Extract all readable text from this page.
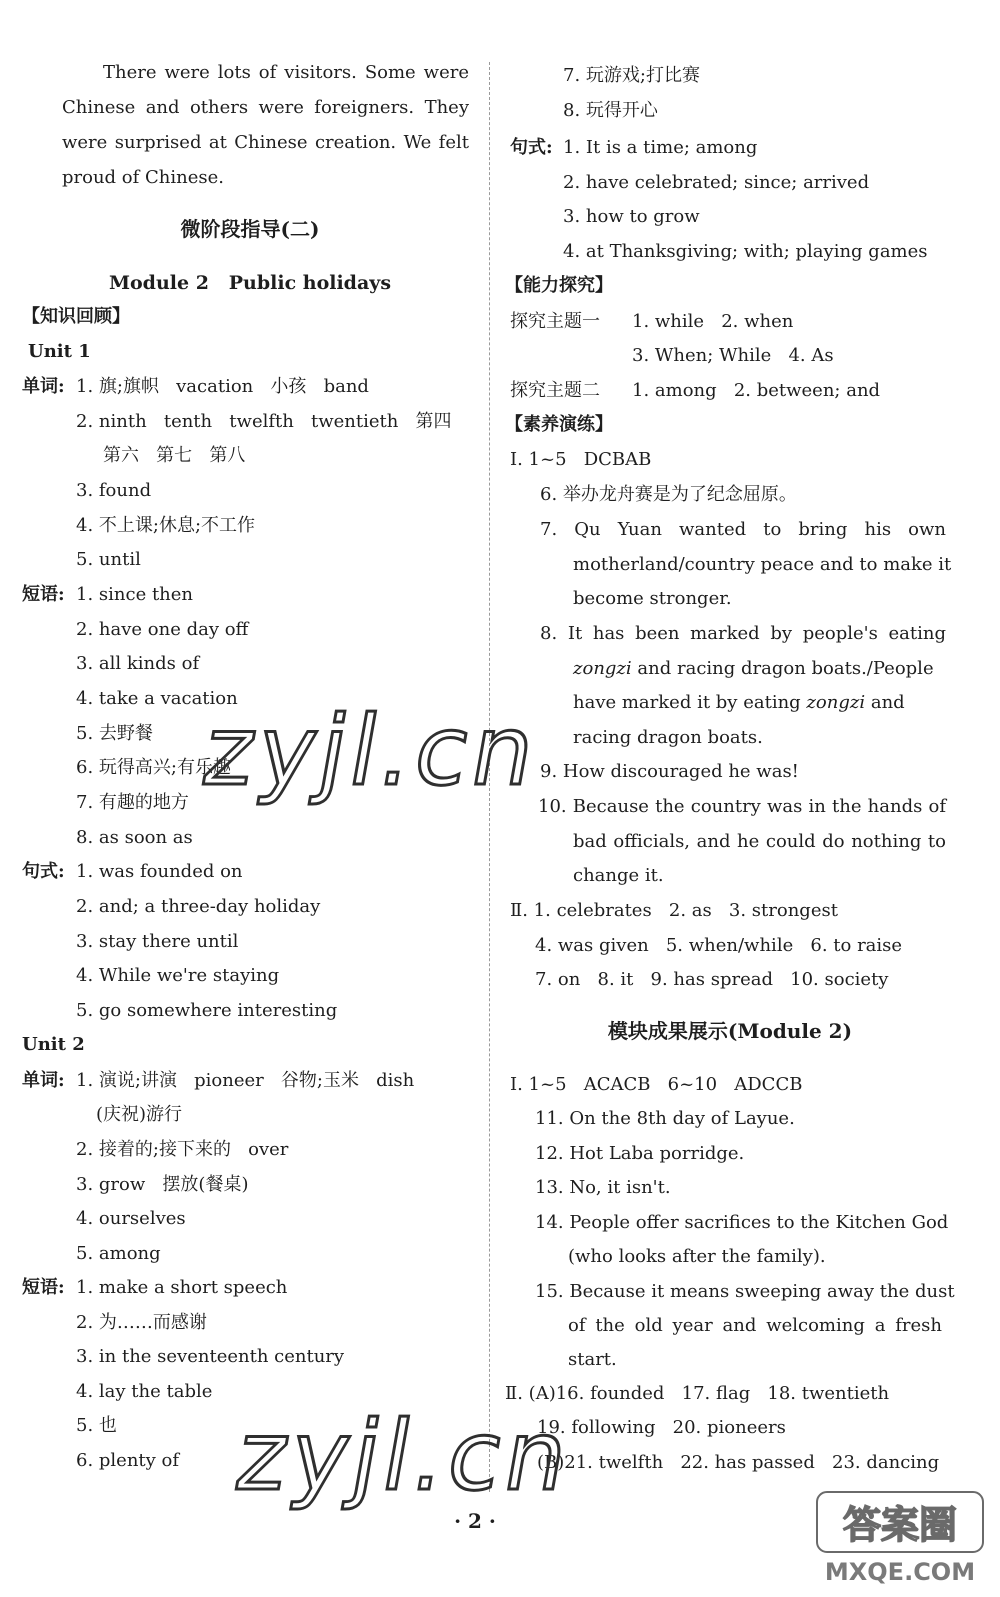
There were lots of visitors. Some were
Chinese and others were foreigners. They
were surprised at Chinese creation. We felt
proud of Chinese.
微阶段指导(二)
Module 2   Public holidays
【知识回顾】
Unit 1
单词: 1. 旗;旗帜   vacation   小孩   band
2. ninth   tenth   twelfth   twentieth   第四
第六   第七   第八
3. found
4. 不上课;休息;不工作
5. until
短语: 1. since then
2. have one day off
3. all kinds of
4. take a vacation
5. 去野餐
6. 玩得高兴;有乐趣
7. 有趣的地方
8. as soon as
句式: 1. was founded on
2. and; a three-day holiday
3. stay there until
4. While we're staying
5. go somewhere interesting
Unit 2
单词: 1. 演说;讲演   pioneer   谷物;玉米   dish
(庆祝)游行
2. 接着的;接下来的   over
3. grow   摆放(餐桌)
4. ourselves
5. among
短语: 1. make a short speech
2. 为……而感谢
3. in the seventeenth century
4. lay the table
5. 也
6. plenty of
7. 玩游戏;打比赛
8. 玩得开心
句式: 1. It is a time; among
2. have celebrated; since; arrived
3. how to grow
4. at Thanksgiving; with; playing games
【能力探究】
探究主题一 1. while   2. when
3. When; While   4. As
探究主题二 1. among   2. between; and
【素养演练】
Ⅰ. 1~5   DCBAB
6. 举办龙舟赛是为了纪念屈原。
7. Qu Yuan wanted to bring his own
motherland/country peace and to make it
become stronger.
8. It has been marked by people's eating
zongzi and racing dragon boats./People
have marked it by eating zongzi and
racing dragon boats.
9. How discouraged he was!
10. Because the country was in the hands of
bad officials, and he could do nothing to
change it.
Ⅱ. 1. celebrates   2. as   3. strongest
4. was given   5. when/while   6. to raise
7. on   8. it   9. has spread   10. society
模块成果展示(Module 2)
Ⅰ. 1~5   ACACB   6~10   ADCCB
11. On the 8th day of Layue.
12. Hot Laba porridge.
13. No, it isn't.
14. People offer sacrifices to the Kitchen God
(who looks after the family).
15. Because it means sweeping away the dust
of the old year and welcoming a fresh
start.
Ⅱ. (A)16. founded   17. flag   18. twentieth
19. following   20. pioneers
(B)21. twelfth   22. has passed   23. dancing
· 2 ·
zyjl.cn
zyjl.cn
答案圈
MXQE.COM
